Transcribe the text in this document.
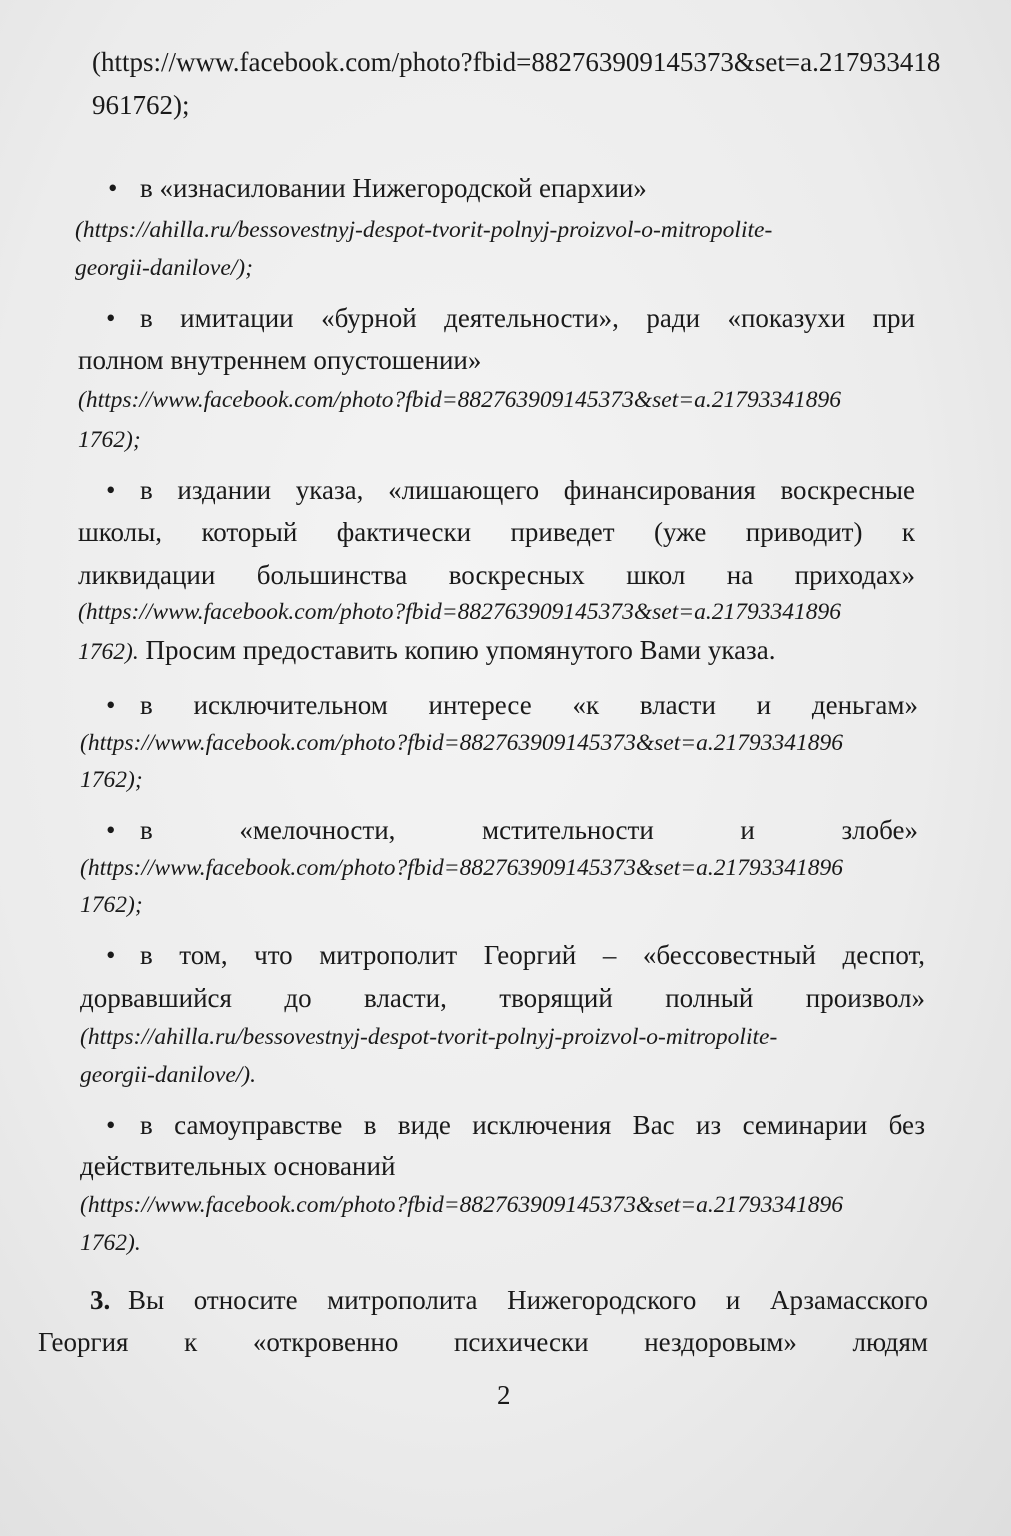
(https://www.facebook.com/photo?fbid=882763909145373&set=a.217933418
961762);
• в «изнасиловании Нижегородской епархии»
(https://ahilla.ru/bessovestnyj-despot-tvorit-polnyj-proizvol-o-mitropolite-
georgii-danilove/);
• в имитации «бурной деятельности», ради «показухи при
полном внутреннем опустошении»
(https://www.facebook.com/photo?fbid=882763909145373&set=a.21793341896
1762);
• в издании указа, «лишающего финансирования воскресные
школы, который фактически приведет (уже приводит) к
ликвидации большинства воскресных школ на приходах»
(https://www.facebook.com/photo?fbid=882763909145373&set=a.21793341896
1762). Просим предоставить копию упомянутого Вами указа.
• в исключительном интересе «к власти и деньгам»
(https://www.facebook.com/photo?fbid=882763909145373&set=a.21793341896
1762);
• в «мелочности, мстительности и злобе»
(https://www.facebook.com/photo?fbid=882763909145373&set=a.21793341896
1762);
• в том, что митрополит Георгий – «бессовестный деспот,
дорвавшийся до власти, творящий полный произвол»
(https://ahilla.ru/bessovestnyj-despot-tvorit-polnyj-proizvol-o-mitropolite-
georgii-danilove/).
• в самоуправстве в виде исключения Вас из семинарии без
действительных оснований
(https://www.facebook.com/photo?fbid=882763909145373&set=a.21793341896
1762).
3. Вы относите митрополита Нижегородского и Арзамасского
Георгия к «откровенно психически нездоровым» людям
2
